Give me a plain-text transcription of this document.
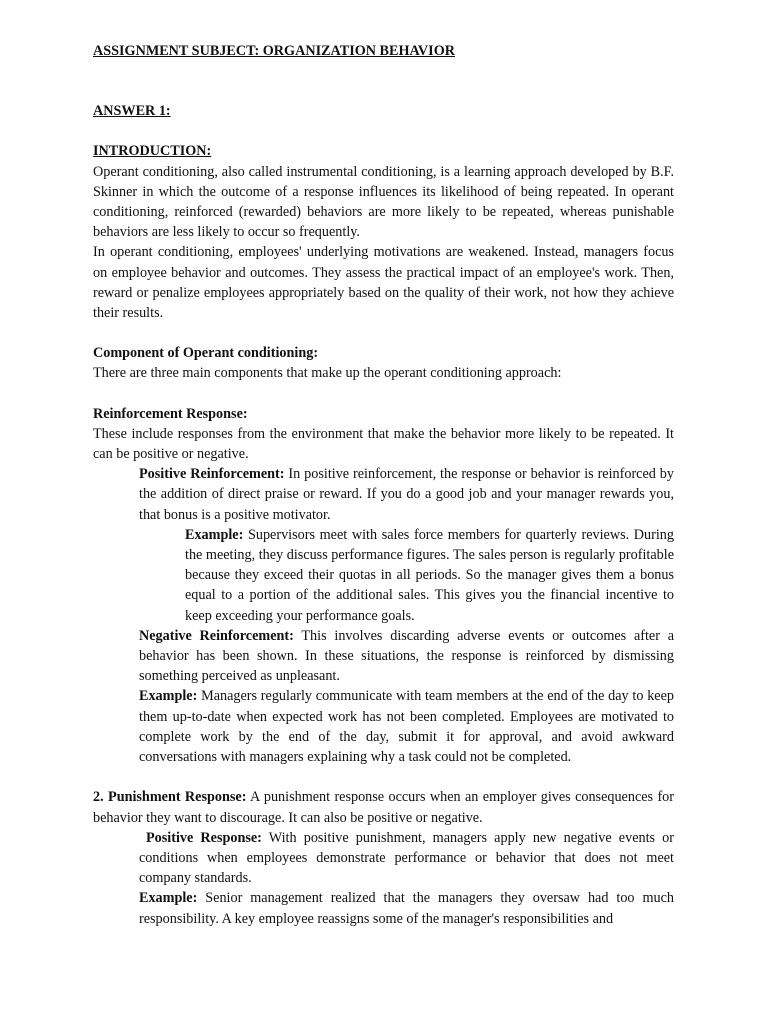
ASSIGNMENT SUBJECT: ORGANIZATION BEHAVIOR

ANSWER 1:

INTRODUCTION:

Operant conditioning, also called instrumental conditioning, is a learning approach developed by B.F. Skinner in which the outcome of a response influences its likelihood of being repeated. In operant conditioning, reinforced (rewarded) behaviors are more likely to be repeated, whereas punishable behaviors are less likely to occur so frequently.

In operant conditioning, employees' underlying motivations are weakened. Instead, managers focus on employee behavior and outcomes. They assess the practical impact of an employee's work. Then, reward or penalize employees appropriately based on the quality of their work, not how they achieve their results.

Component of Operant conditioning:

There are three main components that make up the operant conditioning approach:

Reinforcement Response:

These include responses from the environment that make the behavior more likely to be repeated. It can be positive or negative.

Positive Reinforcement: In positive reinforcement, the response or behavior is reinforced by the addition of direct praise or reward. If you do a good job and your manager rewards you, that bonus is a positive motivator.

Example: Supervisors meet with sales force members for quarterly reviews. During the meeting, they discuss performance figures. The sales person is regularly profitable because they exceed their quotas in all periods. So the manager gives them a bonus equal to a portion of the additional sales. This gives you the financial incentive to keep exceeding your performance goals.

Negative Reinforcement: This involves discarding adverse events or outcomes after a behavior has been shown. In these situations, the response is reinforced by dismissing something perceived as unpleasant.

Example: Managers regularly communicate with team members at the end of the day to keep them up-to-date when expected work has not been completed. Employees are motivated to complete work by the end of the day, submit it for approval, and avoid awkward conversations with managers explaining why a task could not be completed.

2. Punishment Response: A punishment response occurs when an employer gives consequences for behavior they want to discourage. It can also be positive or negative.

Positive Response: With positive punishment, managers apply new negative events or conditions when employees demonstrate performance or behavior that does not meet company standards.

Example: Senior management realized that the managers they oversaw had too much responsibility. A key employee reassigns some of the manager's responsibilities and
